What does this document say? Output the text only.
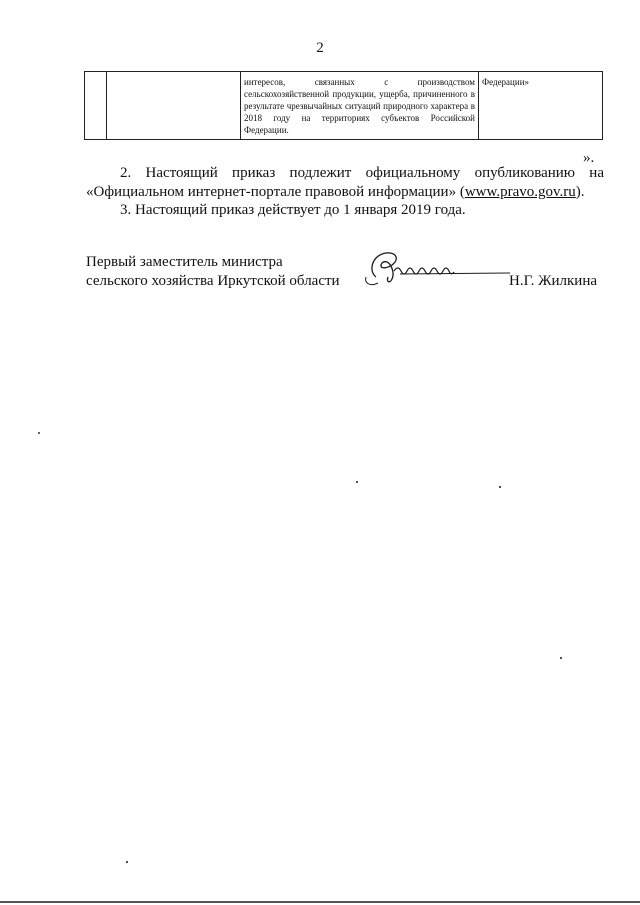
2
		интересов, связанных с производством сельскохозяйственной продукции, ущерба, причиненного в результате чрезвычайных ситуаций природного характера в 2018 году на территориях субъектов Российской Федерации.	Федерации»
».
2. Настоящий приказ подлежит официальному опубликованию на «Официальном интернет-портале правовой информации» (www.pravo.gov.ru).
3. Настоящий приказ действует до 1 января 2019 года.
Первый заместитель министра
сельского хозяйства Иркутской области	Н.Г. Жилкина
